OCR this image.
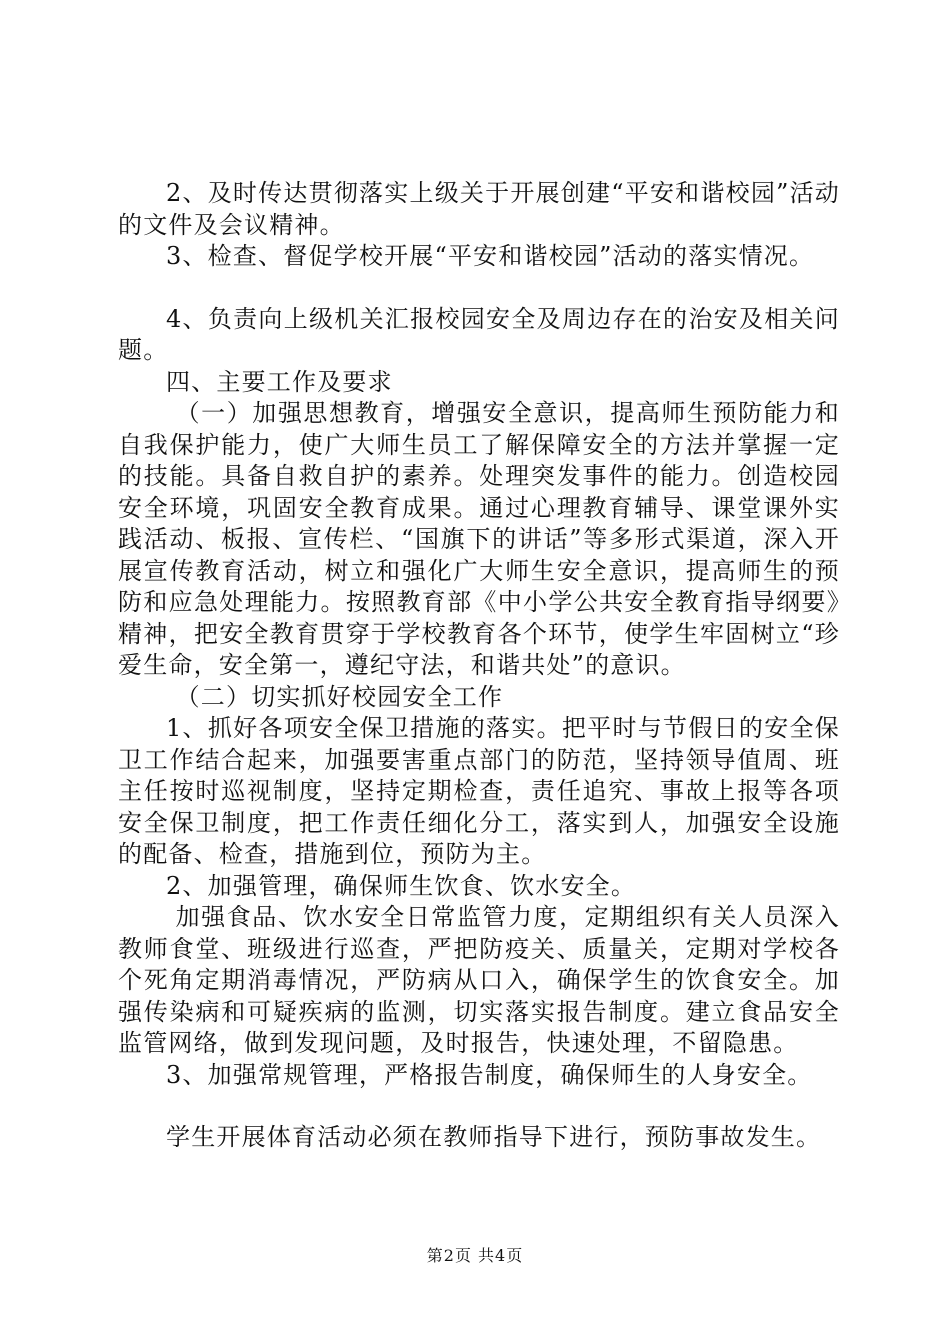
2、及时传达贯彻落实上级关于开展创建“平安和谐校园”活动的文件及会议精神。

3、检查、督促学校开展“平安和谐校园”活动的落实情况。

4、负责向上级机关汇报校园安全及周边存在的治安及相关问题。

四、主要工作及要求

（一）加强思想教育，增强安全意识，提高师生预防能力和自我保护能力，使广大师生员工了解保障安全的方法并掌握一定的技能。具备自救自护的素养。处理突发事件的能力。创造校园安全环境，巩固安全教育成果。通过心理教育辅导、课堂课外实践活动、板报、宣传栏、“国旗下的讲话”等多形式渠道，深入开展宣传教育活动，树立和强化广大师生安全意识，提高师生的预防和应急处理能力。按照教育部《中小学公共安全教育指导纲要》精神，把安全教育贯穿于学校教育各个环节，使学生牢固树立“珍爱生命，安全第一，遵纪守法，和谐共处”的意识。

（二）切实抓好校园安全工作

1、抓好各项安全保卫措施的落实。把平时与节假日的安全保卫工作结合起来，加强要害重点部门的防范，坚持领导值周、班主任按时巡视制度，坚持定期检查，责任追究、事故上报等各项安全保卫制度，把工作责任细化分工，落实到人，加强安全设施的配备、检查，措施到位，预防为主。

2、加强管理，确保师生饮食、饮水安全。

加强食品、饮水安全日常监管力度，定期组织有关人员深入教师食堂、班级进行巡查，严把防疫关、质量关，定期对学校各个死角定期消毒情况，严防病从口入，确保学生的饮食安全。加强传染病和可疑疾病的监测，切实落实报告制度。建立食品安全监管网络，做到发现问题，及时报告，快速处理，不留隐患。

3、加强常规管理，严格报告制度，确保师生的人身安全。

学生开展体育活动必须在教师指导下进行，预防事故发生。

第2页 共4页
